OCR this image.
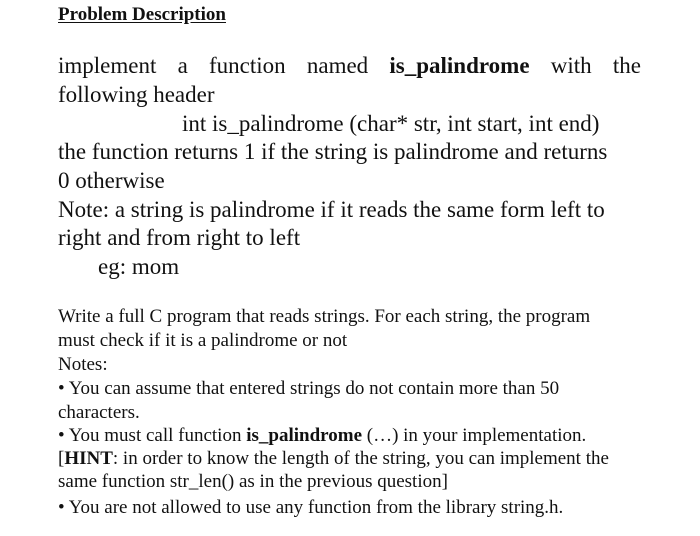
Problem Description
implement a function named is_palindrome with the
following header
int is_palindrome (char* str, int start, int end)
the function returns 1 if the string is palindrome and returns
0 otherwise
Note: a string is palindrome if it reads the same form left to
right and from right to left
eg: mom
Write a full C program that reads strings. For each string, the program
must check if it is a palindrome or not
Notes:
• You can assume that entered strings do not contain more than 50
characters.
• You must call function is_palindrome (…) in your implementation.
[HINT: in order to know the length of the string, you can implement the
same function str_len() as in the previous question]
• You are not allowed to use any function from the library string.h.
